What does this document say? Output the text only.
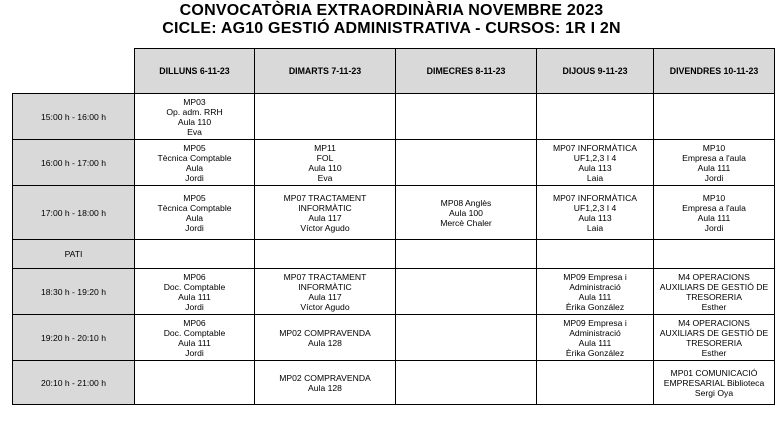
CONVOCATÒRIA EXTRAORDINÀRIA NOVEMBRE 2023
CICLE: AG10 GESTIÓ ADMINISTRATIVA - CURSOS: 1R I 2N
DILLUNS 6-11-23	DIMARTS 7-11-23	DIMECRES 8-11-23	DIJOUS 9-11-23	DIVENDRES 10-11-23
15:00 h - 16:00 h	MP03
Op. adm. RRH
Aula 110
Eva				

16:00 h - 17:00 h	MP05
Tècnica Comptable
Aula
Jordi	MP11
FOL
Aula 110
Eva		MP07 INFORMÀTICA
UF1,2,3 I 4
Aula 113
Laia	MP10
Empresa a l'aula
Aula 111
Jordi

17:00 h - 18:00 h	MP05
Tècnica Comptable
Aula
Jordi	MP07 TRACTAMENT
INFORMÀTIC
Aula 117
Víctor Agudo	MP08 Anglès
Aula 100
Mercè Chaler	MP07 INFORMÀTICA
UF1,2,3 I 4
Aula 113
Laia	MP10
Empresa a l'aula
Aula 111
Jordi

PATI					
18:30 h - 19:20 h	MP06
Doc. Comptable
Aula 111
Jordi	MP07 TRACTAMENT
INFORMÀTIC
Aula 117
Víctor Agudo		MP09 Empresa i
Administració
Aula 111
Èrika González	M4 OPERACIONS
AUXILIARS DE GESTIÓ DE
TRESORERIA
Esther

19:20 h - 20:10 h	MP06
Doc. Comptable
Aula 111
Jordi	MP02 COMPRAVENDA
Aula 128		MP09 Empresa i
Administració
Aula 111
Èrika González	M4 OPERACIONS
AUXILIARS DE GESTIÓ DE
TRESORERIA
Esther

20:10 h - 21:00 h		MP02 COMPRAVENDA
Aula 128			MP01 COMUNICACIÓ
EMPRESARIAL Biblioteca
Sergi Oya
